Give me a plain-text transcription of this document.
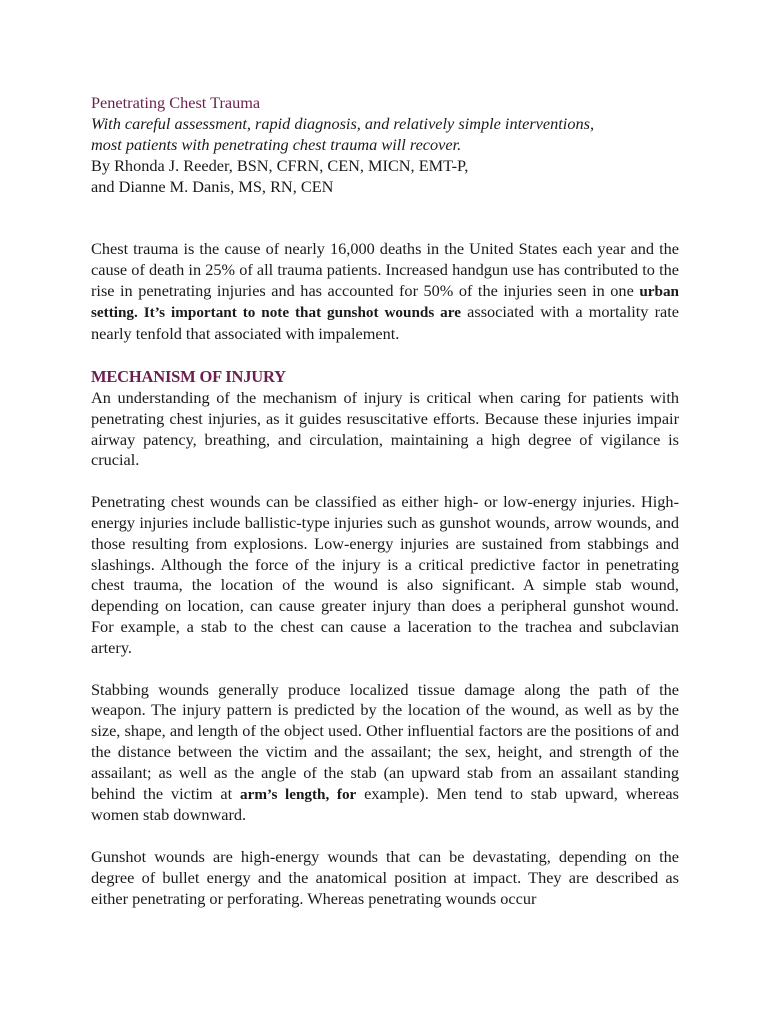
Penetrating Chest Trauma
With careful assessment, rapid diagnosis, and relatively simple interventions,
most patients with penetrating chest trauma will recover.
By Rhonda J. Reeder, BSN, CFRN, CEN, MICN, EMT-P,
and Dianne M. Danis, MS, RN, CEN

Chest trauma is the cause of nearly 16,000 deaths in the United States each year and the cause of death in 25% of all trauma patients. Increased handgun use has contributed to the rise in penetrating injuries and has accounted for 50% of the injuries seen in one urban setting. It’s important to note that gunshot wounds are associated with a mortality rate nearly tenfold that associated with impalement.

MECHANISM OF INJURY

An understanding of the mechanism of injury is critical when caring for patients with penetrating chest injuries, as it guides resuscitative efforts. Because these injuries impair airway patency, breathing, and circulation, maintaining a high degree of vigilance is crucial.

Penetrating chest wounds can be classified as either high- or low-energy injuries. High-energy injuries include ballistic-type injuries such as gunshot wounds, arrow wounds, and those resulting from explosions. Low-energy injuries are sustained from stabbings and slashings. Although the force of the injury is a critical predictive factor in penetrating chest trauma, the location of the wound is also significant. A simple stab wound, depending on location, can cause greater injury than does a peripheral gunshot wound. For example, a stab to the chest can cause a laceration to the trachea and subclavian artery.

Stabbing wounds generally produce localized tissue damage along the path of the weapon. The injury pattern is predicted by the location of the wound, as well as by the size, shape, and length of the object used. Other influential factors are the positions of and the distance between the victim and the assailant; the sex, height, and strength of the assailant; as well as the angle of the stab (an upward stab from an assailant standing behind the victim at arm’s length, for example). Men tend to stab upward, whereas women stab downward.

Gunshot wounds are high-energy wounds that can be devastating, depending on the degree of bullet energy and the anatomical position at impact. They are described as either penetrating or perforating. Whereas penetrating wounds occur
